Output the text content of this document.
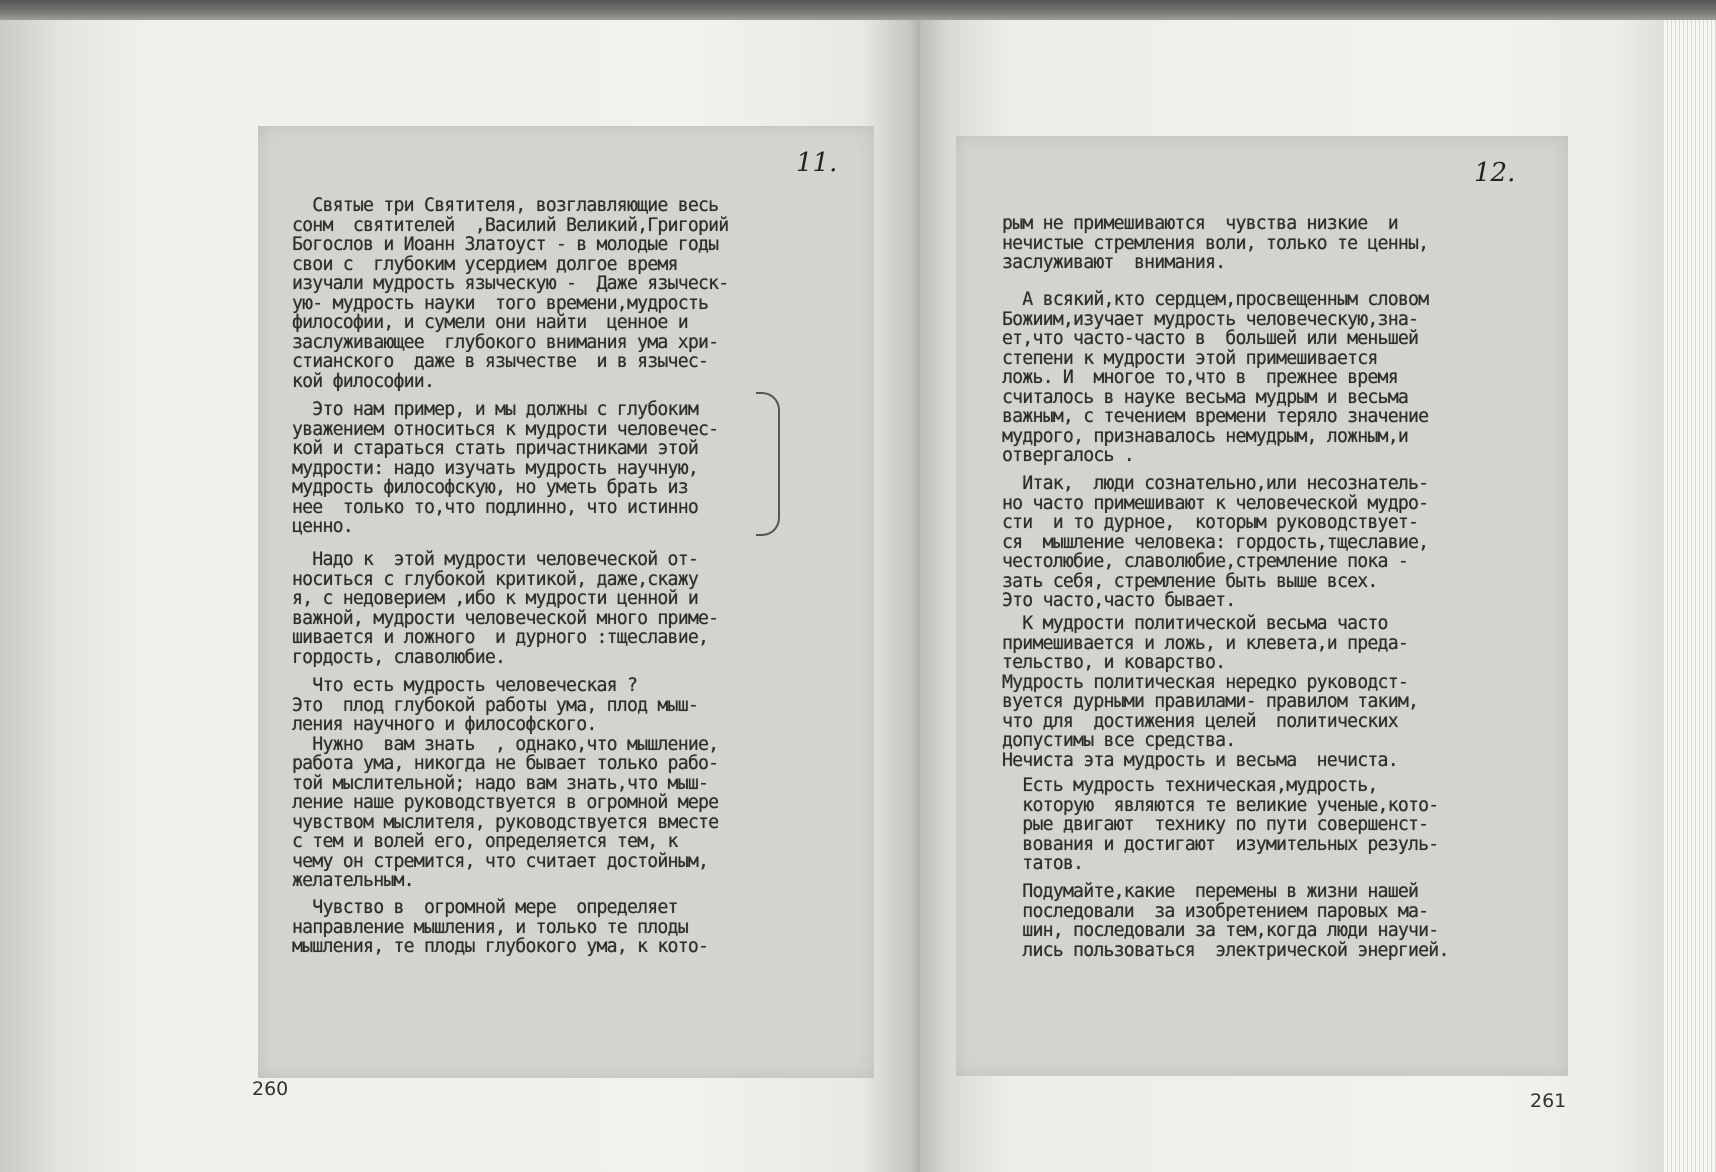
11.
Святые три Святителя, возглавляющие весь
сонм  святителей  ,Василий Великий,Григорий
Богослов и Иоанн Златоуст - в молодые годы
свои с  глубоким усердием долгое время
изучали мудрость языческую -  Даже языческ-
ую- мудрость науки  того времени,мудрость
философии, и сумели они найти  ценное и
заслуживающее  глубокого внимания ума хри-
стианского  даже в язычестве  и в язычес-
кой философии.
Это нам пример, и мы должны с глубоким
уважением относиться к мудрости человечес-
кой и стараться стать причастниками этой
мудрости: надо изучать мудрость научную,
мудрость философскую, но уметь брать из
нее  только то,что подлинно, что истинно
ценно.
Надо к  этой мудрости человеческой от-
носиться с глубокой критикой, даже,скажу
я, с недоверием ,ибо к мудрости ценной и
важной, мудрости человеческой много приме-
шивается и ложного  и дурного :тщеславие,
гордость, славолюбие.
Что есть мудрость человеческая ?
Это  плод глубокой работы ума, плод мыш-
ления научного и философского.
Нужно  вам знать  , однако,что мышление,
работа ума, никогда не бывает только рабо-
той мыслительной; надо вам знать,что мыш-
ление наше руководствуется в огромной мере
чувством мыслителя, руководствуется вместе
с тем и волей его, определяется тем, к
чему он стремится, что считает достойным,
желательным.
Чувство в  огромной мере  определяет
направление мышления, и только те плоды
мышления, те плоды глубокого ума, к кото-
12.
рым не примешиваются  чувства низкие  и
нечистые стремления воли, только те ценны,
заслуживают  внимания.
А всякий,кто сердцем,просвещенным словом
Божиим,изучает мудрость человеческую,зна-
ет,что часто-часто в  большей или меньшей
степени к мудрости этой примешивается
ложь. И  многое то,что в  прежнее время
считалось в науке весьма мудрым и весьма
важным, с течением времени теряло значение
мудрого, признавалось немудрым, ложным,и
отвергалось .
Итак,  люди сознательно,или несознатель-
но часто примешивают к человеческой мудро-
сти  и то дурное,  которым руководствует-
ся  мышление человека: гордость,тщеславие,
честолюбие, славолюбие,стремление пока -
зать себя, стремление быть выше всех.
Это часто,часто бывает.
К мудрости политической весьма часто
примешивается и ложь, и клевета,и преда-
тельство, и коварство.
Мудрость политическая нередко руководст-
вуется дурными правилами- правилом таким,
что для  достижения целей  политических
допустимы все средства.
Нечиста эта мудрость и весьма  нечиста.
Есть мудрость техническая,мудрость,
которую  являются те великие ученые,кото-
рые двигают  технику по пути совершенст-
вования и достигают  изумительных резуль-
татов.
Подумайте,какие  перемены в жизни нашей
последовали  за изобретением паровых ма-
шин, последовали за тем,когда люди научи-
лись пользоваться  электрической энергией.
260
261
